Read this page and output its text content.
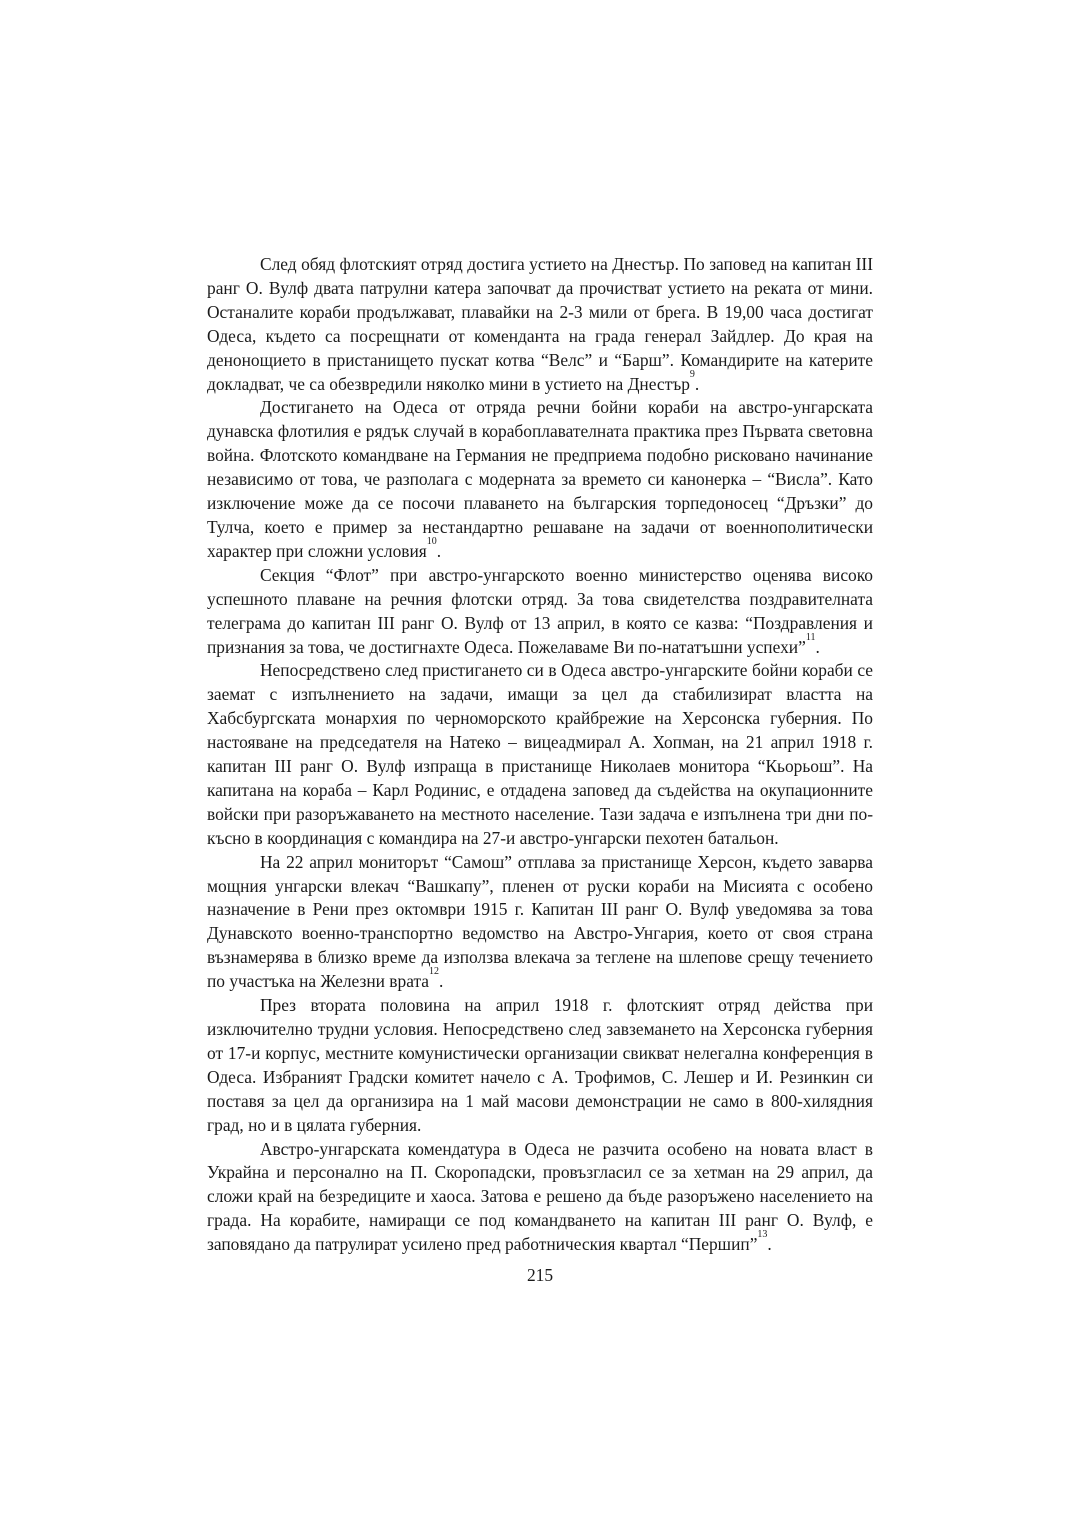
След обяд флотският отряд достига устието на Днестър. По заповед на капитан III ранг О. Вулф двата патрулни катера започват да прочистват устието на реката от мини. Останалите кораби продължават, плавайки на 2-3 мили от брега. В 19,00 часа достигат Одеса, където са посрещнати от коменданта на града генерал Зайдлер. До края на денонощието в пристанището пускат котва “Велс” и “Барш”. Командирите на катерите докладват, че са обезвредили няколко мини в устието на Днестър$^9$.

Достигането на Одеса от отряда речни бойни кораби на австро-унгарската дунавска флотилия е рядък случай в корабоплавателната практика през Първата световна война. Флотското командване на Германия не предприема подобно рисковано начинание независимо от това, че разполага с модерната за времето си канонерка – “Висла”. Като изключение може да се посочи плаването на българския торпедоносец “Дръзки” до Тулча, което е пример за нестандартно решаване на задачи от военнополитически характер при сложни условия$^{10}$.

Секция “Флот” при австро-унгарското военно министерство оценява високо успешното плаване на речния флотски отряд. За това свидетелства поздравителната телеграма до капитан III ранг О. Вулф от 13 април, в която се казва: “Поздравления и признания за това, че достигнахте Одеса. Пожелаваме Ви по-нататъшни успехи”$^{11}$.

Непосредствено след пристигането си в Одеса австро-унгарските бойни кораби се заемат с изпълнението на задачи, имащи за цел да стабилизират властта на Хабсбургската монархия по черноморското крайбрежие на Херсонска губерния. По настояване на председателя на Натеко – вицеадмирал А. Хопман, на 21 април 1918 г. капитан III ранг О. Вулф изпраща в пристанище Николаев монитора “Кьорьош”. На капитана на кораба – Карл Родинис, е отдадена заповед да съдейства на окупационните войски при разоръжаването на местното население. Тази задача е изпълнена три дни по-късно в координация с командира на 27-и австро-унгарски пехотен батальон.

На 22 април мониторът “Самош” отплава за пристанище Херсон, където заварва мощния унгарски влекач “Вашкапу”, пленен от руски кораби на Мисията с особено назначение в Рени през октомври 1915 г. Капитан III ранг О. Вулф уведомява за това Дунавското военно-транспортно ведомство на Австро-Унгария, което от своя страна възнамерява в близко време да използва влекача за теглене на шлепове срещу течението по участъка на Железни врата$^{12}$.

През втората половина на април 1918 г. флотският отряд действа при изключително трудни условия. Непосредствено след завземането на Херсонска губерния от 17-и корпус, местните комунистически организации свикват нелегална конференция в Одеса. Избраният Градски комитет начело с А. Трофимов, С. Лешер и И. Резинкин си поставя за цел да организира на 1 май масови демонстрации не само в 800-хилядния град, но и в цялата губерния.

Австро-унгарската комендатура в Одеса не разчита особено на новата власт в Украйна и персонално на П. Скоропадски, провъзгласил се за хетман на 29 април, да сложи край на безредиците и хаоса. Затова е решено да бъде разоръжено населението на града. На корабите, намиращи се под командването на капитан III ранг О. Вулф, е заповядано да патрулират усилено пред работническия квартал “Першип”$^{13}$.

215
